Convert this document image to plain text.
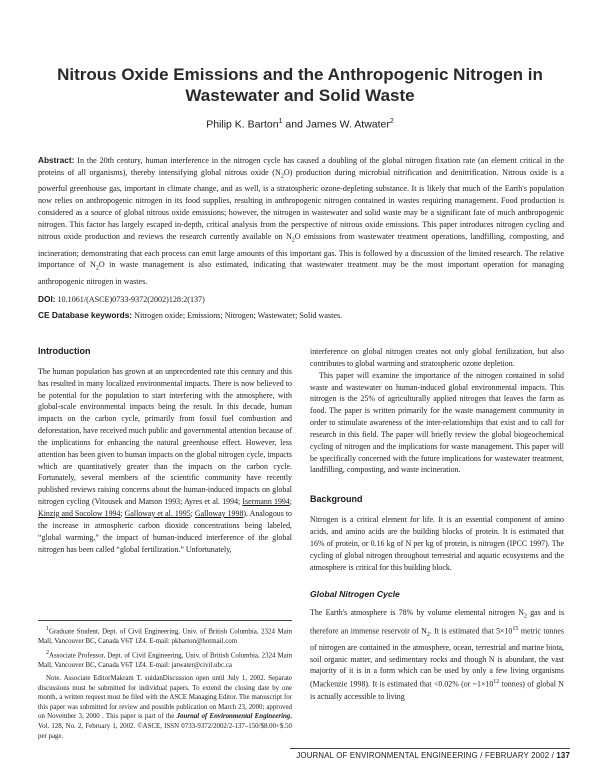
Nitrous Oxide Emissions and the Anthropogenic Nitrogen in Wastewater and Solid Waste

Philip K. Barton$^1$ and James W. Atwater$^2$

Abstract: In the 20th century, human interference in the nitrogen cycle has caused a doubling of the global nitrogen fixation rate (an element critical in the proteins of all organisms), thereby intensifying global nitrous oxide $(N_2O)$ production during microbial nitrification and denitrification. Nitrous oxide is a powerful greenhouse gas, important in climate change, and as well, is a stratospheric ozone-depleting substance. It is likely that much of the Earth's population now relies on anthropogenic nitrogen in its food supplies, resulting in anthropogenic nitrogen contained in wastes requiring management. Food production is considered as a source of global nitrous oxide emissions; however, the nitrogen in wastewater and solid waste may be a significant fate of much anthropogenic nitrogen. This factor has largely escaped in-depth, critical analysis from the perspective of nitrous oxide emissions. This paper introduces nitrogen cycling and nitrous oxide production and reviews the research currently available on $N_2O$ emissions from wastewater treatment operations, landfilling, composting, and incineration; demonstrating that each process can emit large amounts of this important gas. This is followed by a discussion of the limited research. The relative importance of $N_2O$ in waste management is also estimated, indicating that wastewater treatment may be the most important operation for managing anthropogenic nitrogen in wastes.

DOI: 10.1061/(ASCE)0733-9372(2002)128:2(137)

CE Database keywords: Nitrogen oxide; Emissions; Nitrogen; Wastewater; Solid wastes.

Introduction

The human population has grown at an unprecedented rate this century and this has resulted in many localized environmental impacts. There is now believed to be potential for the population to start interfering with the atmosphere, with global-scale environmental impacts being the result. In this decade, human impacts on the carbon cycle, primarily from fossil fuel combustion and deforestation, have received much public and governmental attention because of the implications for enhancing the natural greenhouse effect. However, less attention has been given to human impacts on the global nitrogen cycle, impacts which are quantitatively greater than the impacts on the carbon cycle. Fortunately, several members of the scientific community have recently published reviews raising concerns about the human-induced impacts on global nitrogen cycling (Vitousek and Matson 1993; Ayres et al. 1994; Isermann 1994; Kinzig and Socolow 1994; Galloway et al. 1995; Galloway 1998). Analogous to the increase in atmospheric carbon dioxide concentrations being labeled, “global warming,” the impact of human-induced interference of the global nitrogen has been called “global fertilization.” Unfortunately,

$^1$Graduate Student, Dept. of Civil Engineering, Univ. of British Columbia, 2324 Main Mall, Vancouver BC, Canada V6T 1Z4. E-mail: pkbarton@hotmail.com

$^2$Associate Professor, Dept. of Civil Engineering, Univ. of British Columbia, 2324 Main Mall, Vancouver BC, Canada V6T 1Z4. E-mail: jatwater@civil.ubc.ca

Note. Associate EditorMakram T. suidanDiscussion open until July 1, 2002. Separate discussions must be submitted for individual papers. To extend the closing date by one month, a written request must be filed with the ASCE Managing Editor. The manuscript for this paper was submitted for review and possible publication on March 23, 2000; approved on November 3, 2000 . This paper is part of the Journal of Environmental Engineering, Vol. 128, No. 2, February 1, 2002. ©ASCE, ISSN 0733-9372/2002/2-137–150/$8.00+$.50 per page.

interference on global nitrogen creates not only global fertilization, but also contributes to global warming and stratospheric ozone depletion.

This paper will examine the importance of the nitrogen contained in solid waste and wastewater on human-induced global environmental impacts. This nitrogen is the 25% of agriculturally applied nitrogen that leaves the farm as food. The paper is written primarily for the waste management community in order to stimulate awareness of the inter-relationships that exist and to call for research in this field. The paper will briefly review the global biogeochemical cycling of nitrogen and the implications for waste management. This paper will be specifically concerned with the future implications for wastewater treatment, landfilling, composting, and waste incineration.

Background

Nitrogen is a critical element for life. It is an essential component of amino acids, and amino acids are the building blocks of protein. It is estimated that 16% of protein, or 0.16 kg of N per kg of protein, is nitrogen (IPCC 1997). The cycling of global nitrogen throughout terrestrial and aquatic ecosystems and the atmosphere is critical for this building block.

Global Nitrogen Cycle

The Earth's atmosphere is 78% by volume elemental nitrogen $N_2$ gas and is therefore an immense reservoir of $N_2$. It is estimated that $5\times 10^{15}$ metric tonnes of nitrogen are contained in the atmosphere, ocean, terrestrial and marine biota, soil organic matter, and sedimentary rocks and though N is abundant, the vast majority of it is in a form which can be used by only a few living organisms (Mackenzie 1998). It is estimated that <0.02% (or $\sim 1\times 10^{12}$ tonnes) of global N is actually accessible to living

JOURNAL OF ENVIRONMENTAL ENGINEERING / FEBRUARY 2002 / 137
